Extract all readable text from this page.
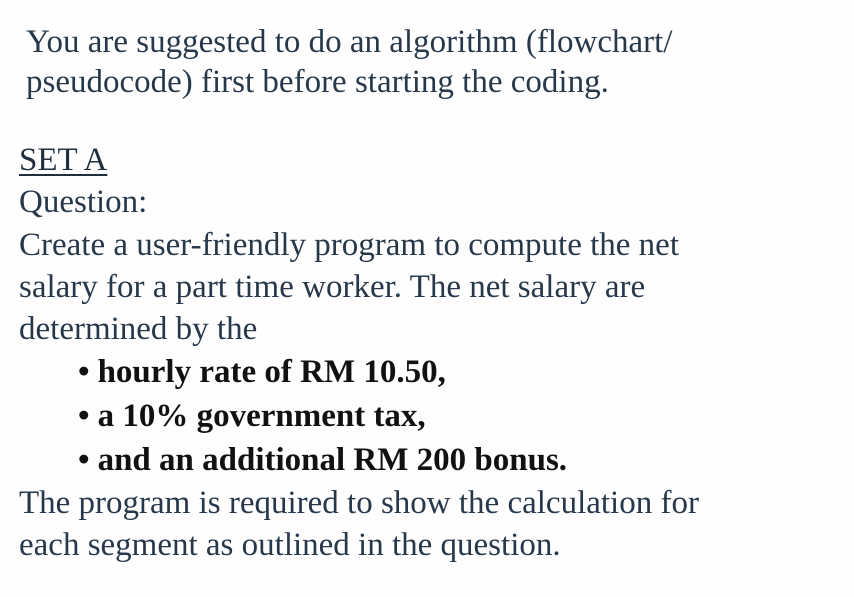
You are suggested to do an algorithm (flowchart/
pseudocode) first before starting the coding.

SET A

Question:

Create a user-friendly program to compute the net
salary for a part time worker. The net salary are
determined by the

• hourly rate of RM 10.50,
• a 10% government tax,
• and an additional RM 200 bonus.

The program is required to show the calculation for
each segment as outlined in the question.
